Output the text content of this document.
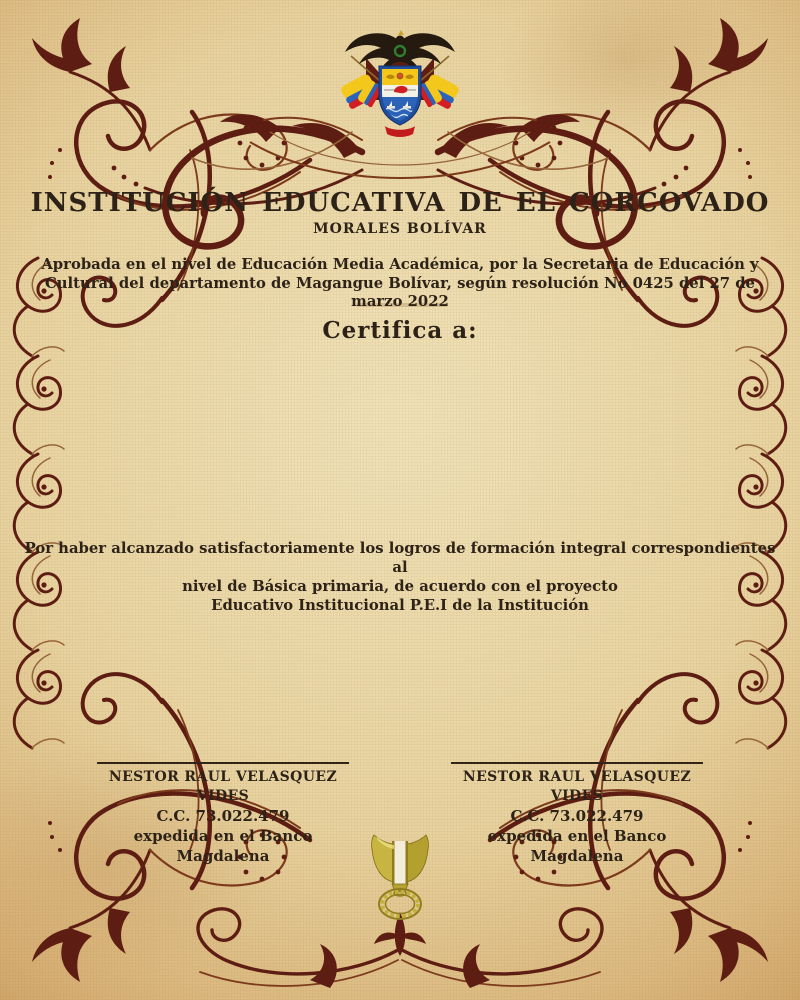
INSTITUCIÓN EDUCATIVA DE EL CORCOVADO
MORALES BOLÍVAR
Aprobada en el nivel de Educación Media Académica, por la Secretaria de Educación y
Cultural del departamento de Magangue Bolívar, según resolución No 0425 del 27 de marzo 2022
Certifica a:
Por haber alcanzado satisfactoriamente los logros de formación integral correspondientes al
nivel de Básica primaria, de acuerdo con el proyecto
Educativo Institucional P.E.I de la Institución
NESTOR RAUL VELASQUEZ VIDES
C.C. 73.022.479
expedida en el Banco Magdalena
NESTOR RAUL VELASQUEZ VIDES
C.C. 73.022.479
expedida en el Banco Magdalena
